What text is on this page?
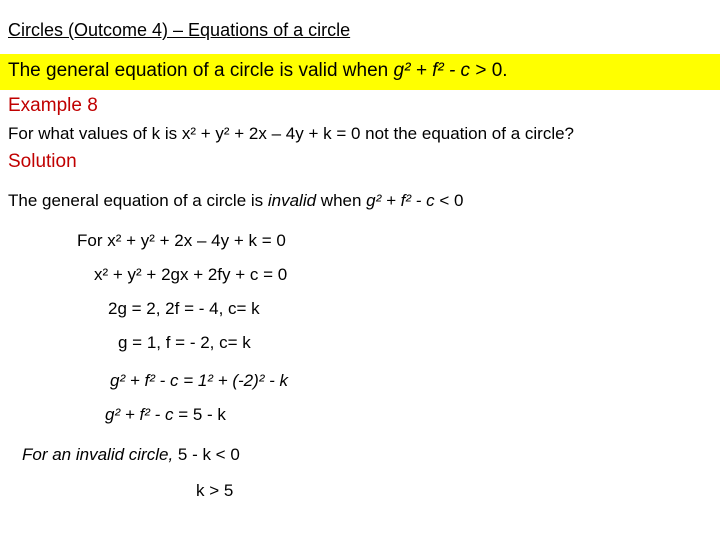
Circles (Outcome 4) – Equations of a circle
The general equation of a circle is valid when g² + f² - c > 0.
Example 8
For what values of k is x² + y² + 2x – 4y + k = 0 not the equation of a circle?
Solution
The general equation of a circle is invalid when g² + f² - c < 0
For x² + y² + 2x – 4y + k = 0
x² + y² + 2gx + 2fy + c = 0
2g = 2, 2f = - 4, c= k
g = 1, f = - 2, c= k
g² + f² - c = 1² + (-2)² - k
g² + f² - c = 5 - k
For an invalid circle, 5 - k < 0
k > 5
